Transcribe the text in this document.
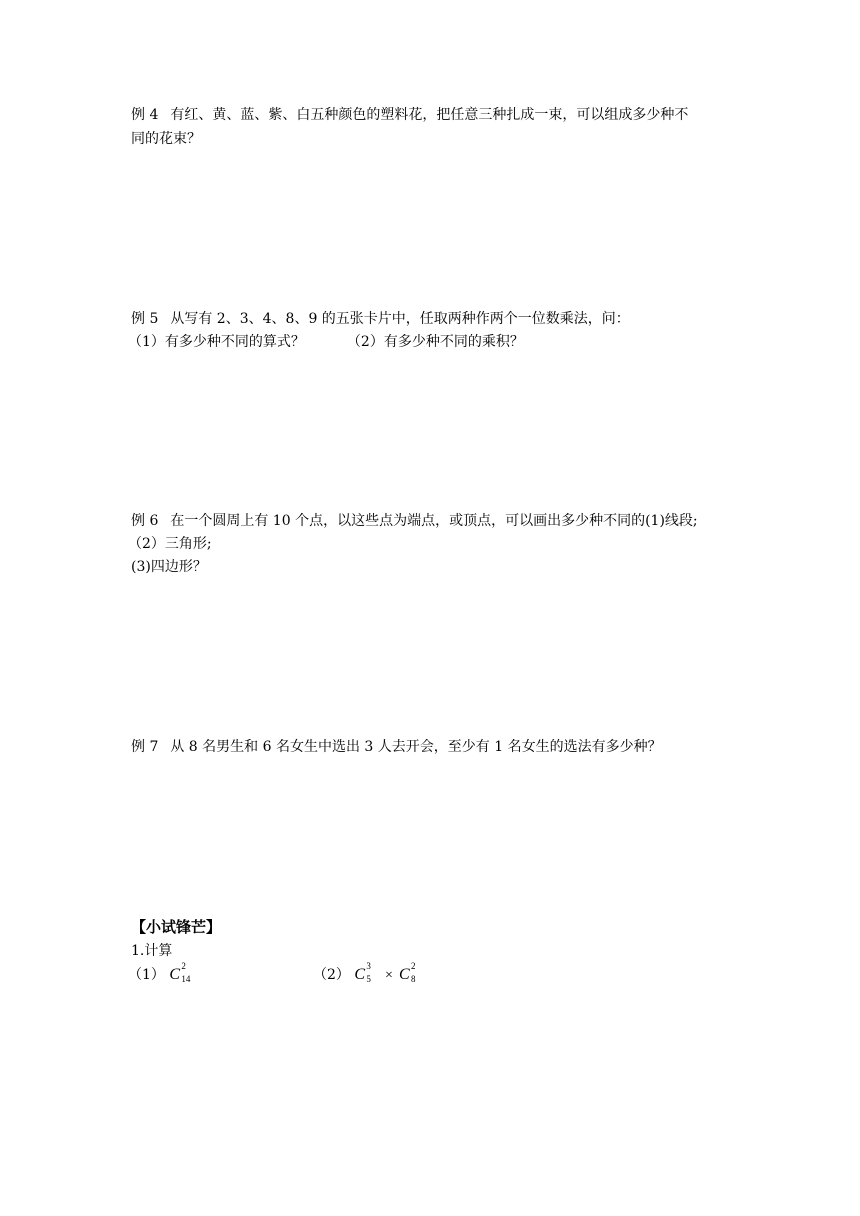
例 4 有红、黄、蓝、紫、白五种颜色的塑料花，把任意三种扎成一束，可以组成多少种不
同的花束？
例 5 从写有 2、3、4、8、9 的五张卡片中，任取两种作两个一位数乘法，问：
（1）有多少种不同的算式？	（2）有多少种不同的乘积？
例 6 在一个圆周上有 10 个点，以这些点为端点，或顶点，可以画出多少种不同的(1)线段;
（2）三角形;
(3)四边形？
例 7 从 8 名男生和 6 名女生中选出 3 人去开会，至少有 1 名女生的选法有多少种？
【小试锋芒】
1.计算
（1） C 2
14	（2） C 3
5 × C 2
8
